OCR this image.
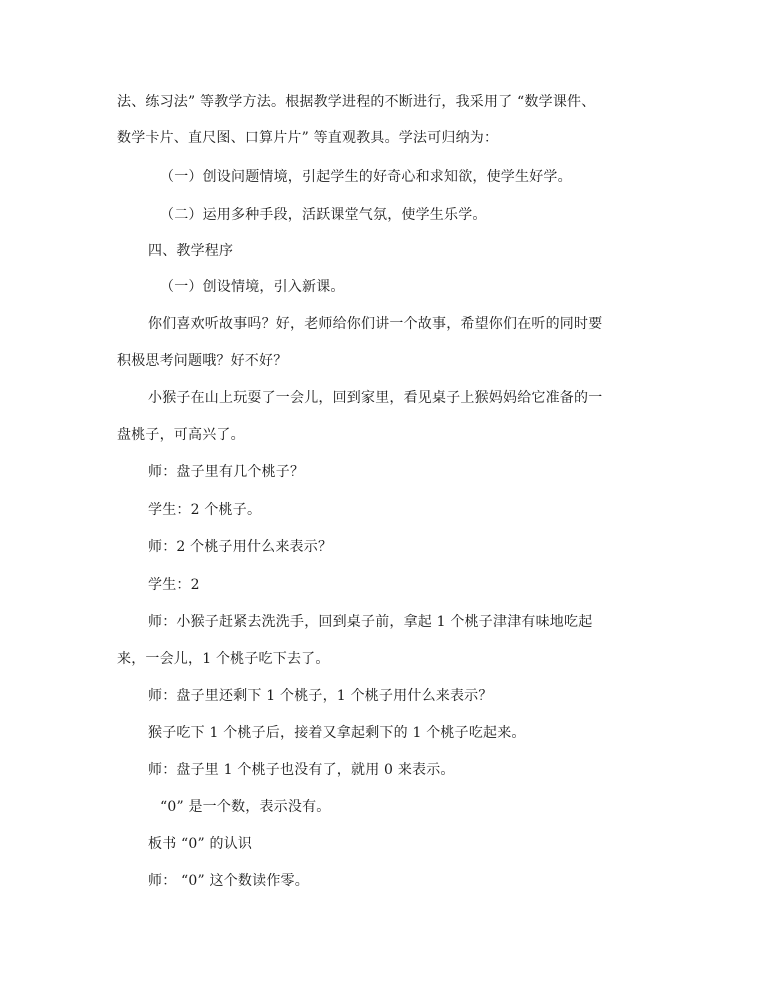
法、练习法” 等教学方法。根据教学进程的不断进行，我采用了 “数学课件、
数学卡片、直尺图、口算片片” 等直观教具。学法可归纳为：
（一）创设问题情境，引起学生的好奇心和求知欲，使学生好学。
（二）运用多种手段，活跃课堂气氛，使学生乐学。
四、教学程序
（一）创设情境，引入新课。
你们喜欢听故事吗？好，老师给你们讲一个故事，希望你们在听的同时要
积极思考问题哦？好不好？
小猴子在山上玩耍了一会儿，回到家里，看见桌子上猴妈妈给它准备的一
盘桃子，可高兴了。
师：盘子里有几个桃子？
学生：2 个桃子。
师：2 个桃子用什么来表示？
学生：2
师：小猴子赶紧去洗洗手，回到桌子前，拿起 1 个桃子津津有味地吃起
来，一会儿，1 个桃子吃下去了。
师：盘子里还剩下 1 个桃子，1 个桃子用什么来表示？
猴子吃下 1 个桃子后，接着又拿起剩下的 1 个桃子吃起来。
师：盘子里 1 个桃子也没有了，就用 0 来表示。
“0” 是一个数，表示没有。
板书 “0” 的认识
师： “0” 这个数读作零。
